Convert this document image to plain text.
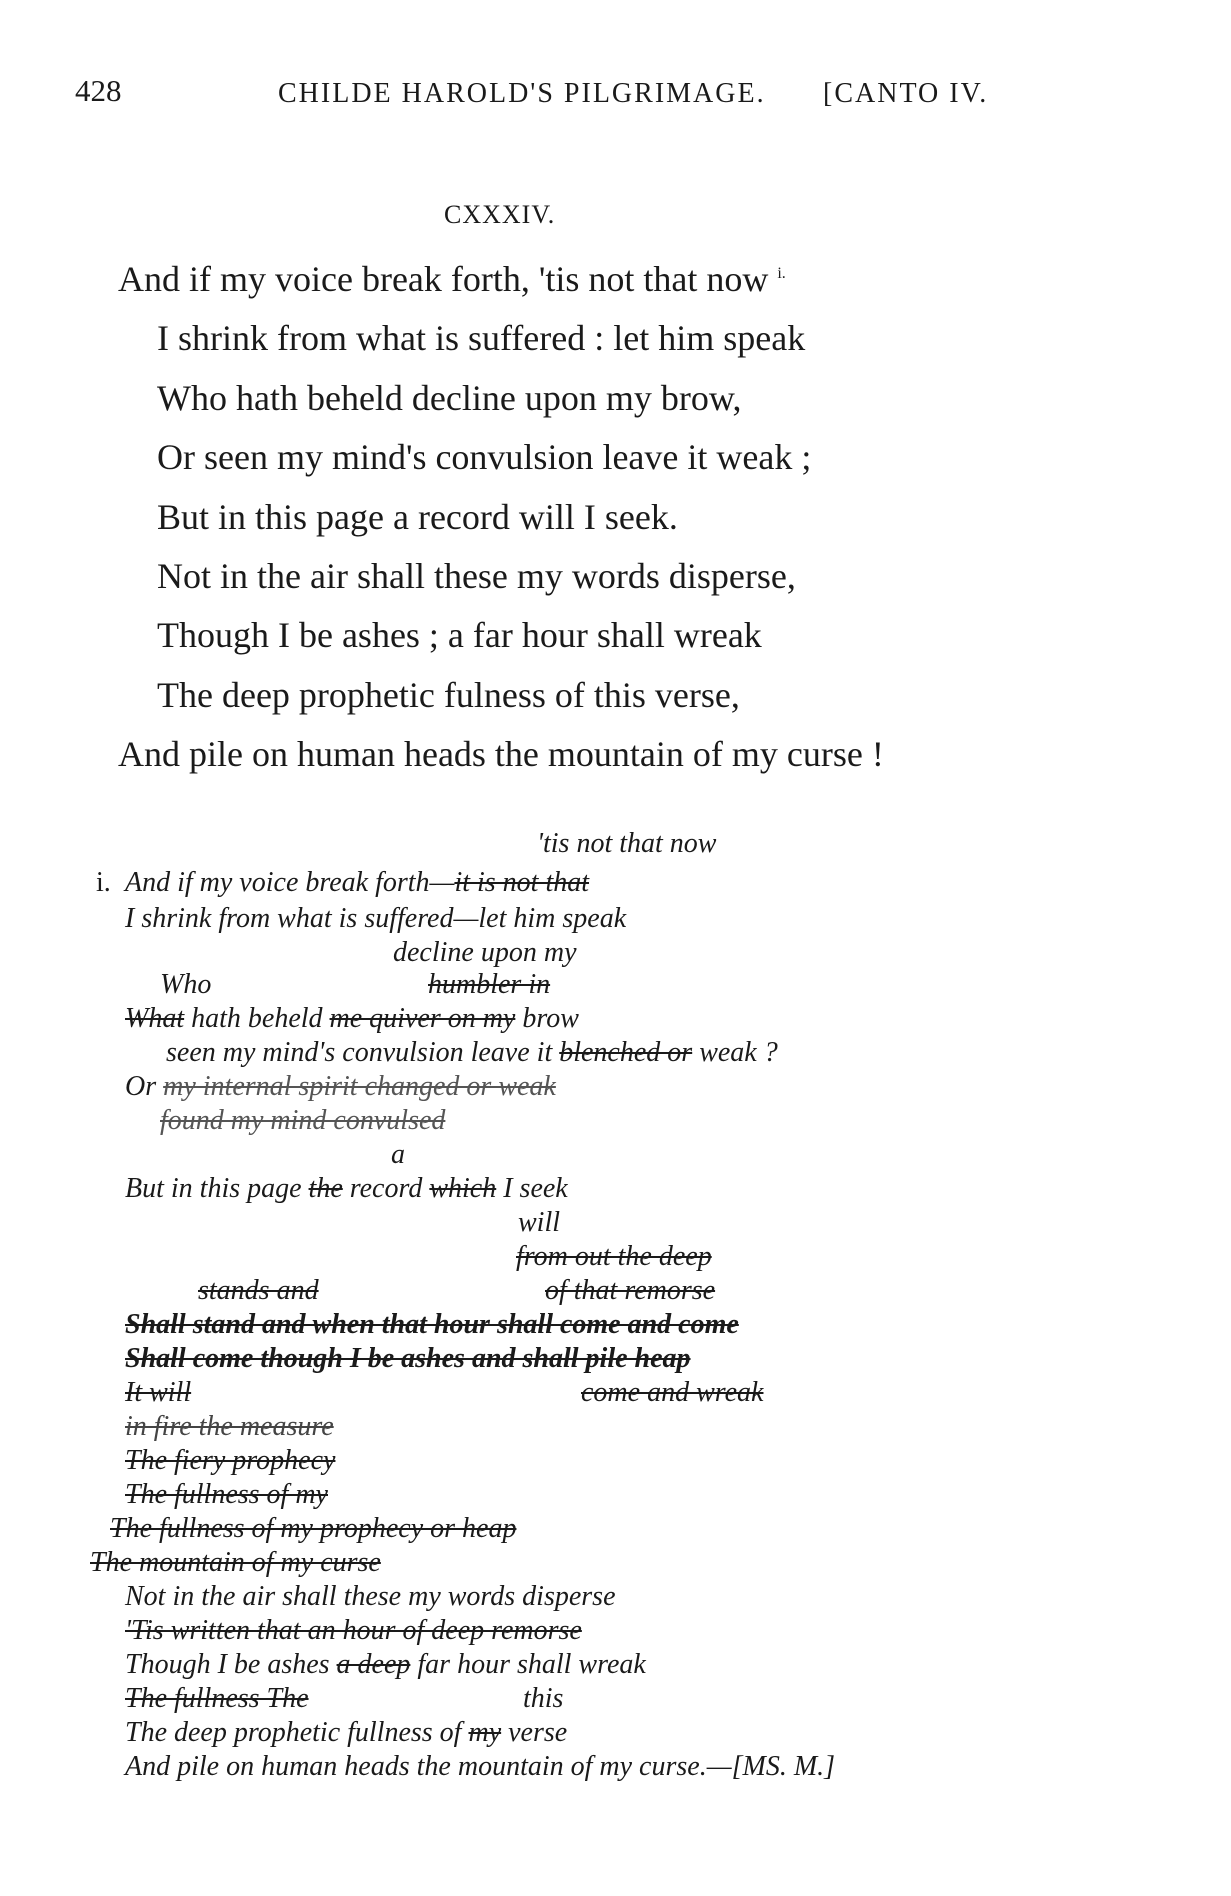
428	CHILDE HAROLD'S PILGRIMAGE. [CANTO IV.
CXXXIV.
And if my voice break forth, 'tis not that now $^{i.}$
I shrink from what is suffered : let him speak
Who hath beheld decline upon my brow,
Or seen my mind's convulsion leave it weak ;
But in this page a record will I seek.
Not in the air shall these my words disperse,
Though I be ashes ; a far hour shall wreak
The deep prophetic fulness of this verse,
And pile on human heads the mountain of my curse !
'tis not that now
i. And if my voice break forth—it is not that
I shrink from what is suffered—let him speak
decline upon my
Who	humbler in
What hath beheld me quiver on my brow
seen my mind's convulsion leave it blenched or weak ?
Or my internal spirit changed or weak
found my mind convulsed
a
But in this page the record which I seek
will
from out the deep
stands and	of that remorse
Shall stand and when that hour shall come and come
Shall come though I be ashes and shall pile heap
It will	come and wreak
in fire the measure
The fiery prophecy
The fullness of my
The fullness of my prophecy or heap
The mountain of my curse
Not in the air shall these my words disperse
'Tis written that an hour of deep remorse
Though I be ashes a deep far hour shall wreak
The fullness The	this
The deep prophetic fullness of my verse
And pile on human heads the mountain of my curse.—[MS. M.]
